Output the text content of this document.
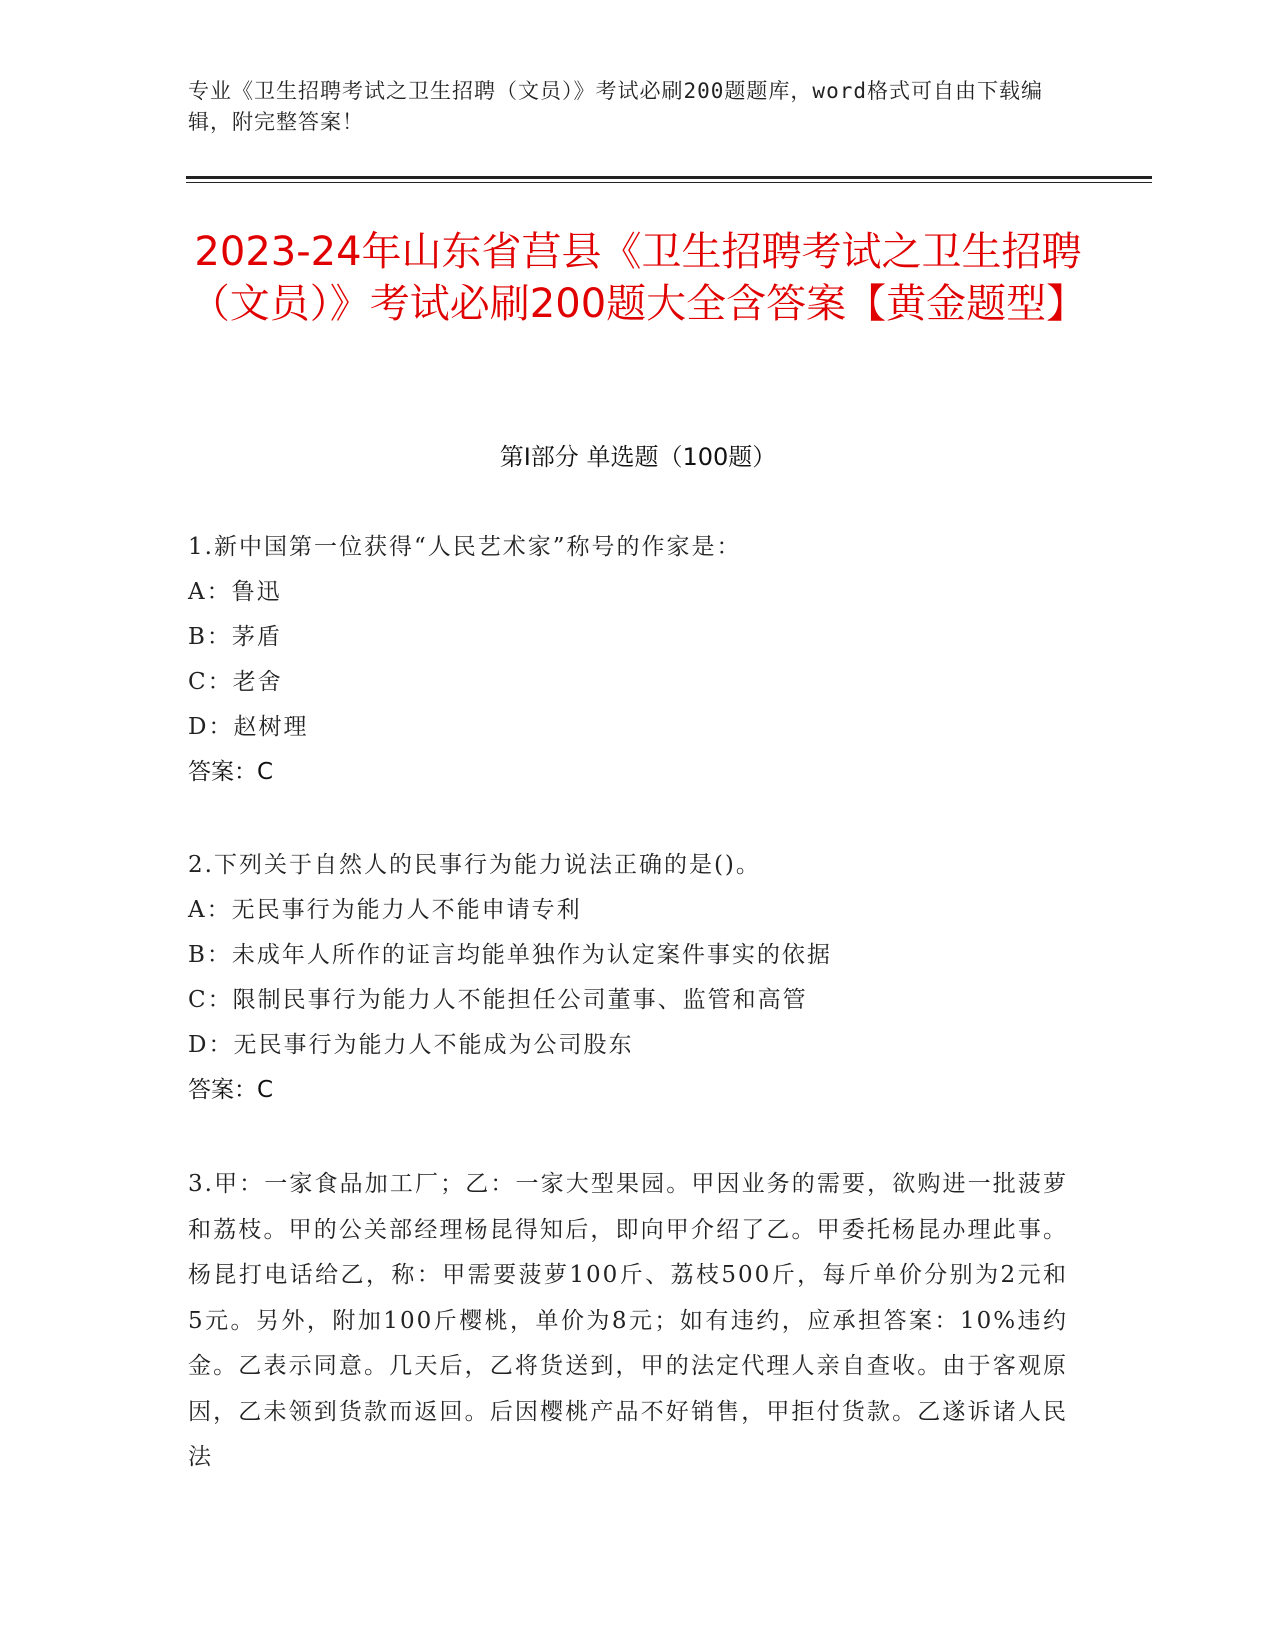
专业《卫生招聘考试之卫生招聘（文员）》考试必刷200题题库，word格式可自由下载编辑，附完整答案！
2023-24年山东省莒县《卫生招聘考试之卫生招聘（文员）》考试必刷200题大全含答案【黄金题型】
第Ⅰ部分 单选题（100题）
1.新中国第一位获得“人民艺术家”称号的作家是：
A：鲁迅
B：茅盾
C：老舍
D：赵树理
答案：C
2.下列关于自然人的民事行为能力说法正确的是()。
A：无民事行为能力人不能申请专利
B：未成年人所作的证言均能单独作为认定案件事实的依据
C：限制民事行为能力人不能担任公司董事、监管和高管
D：无民事行为能力人不能成为公司股东
答案：C
3.甲：一家食品加工厂；乙：一家大型果园。甲因业务的需要，欲购进一批菠萝和荔枝。甲的公关部经理杨昆得知后，即向甲介绍了乙。甲委托杨昆办理此事。杨昆打电话给乙，称：甲需要菠萝100斤、荔枝500斤，每斤单价分别为2元和5元。另外，附加100斤樱桃，单价为8元；如有违约，应承担答案：10%违约金。乙表示同意。几天后，乙将货送到，甲的法定代理人亲自查收。由于客观原因，乙未领到货款而返回。后因樱桃产品不好销售，甲拒付货款。乙遂诉诸人民法
